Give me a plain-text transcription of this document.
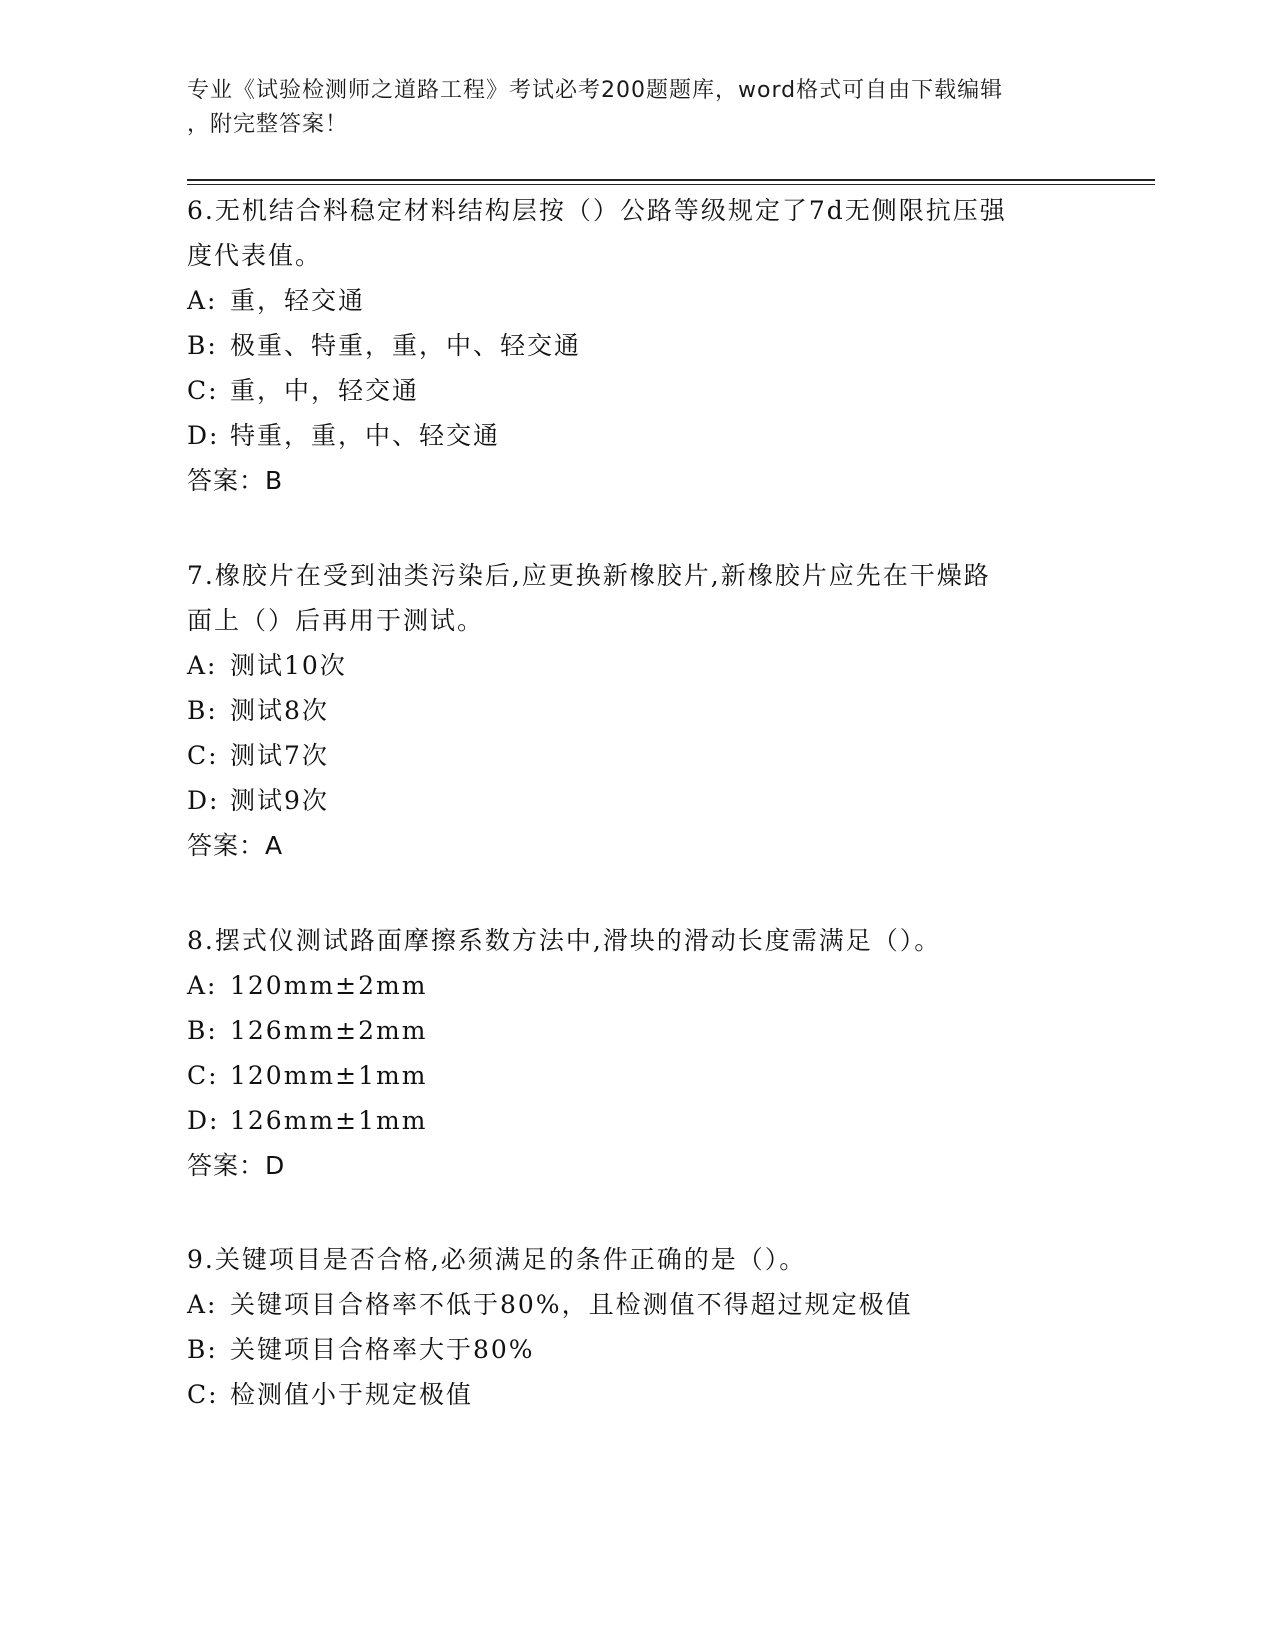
专业《试验检测师之道路工程》考试必考200题题库，word格式可自由下载编辑
，附完整答案！
6.无机结合料稳定材料结构层按（）公路等级规定了7d无侧限抗压强
度代表值。
A: 重，轻交通
B: 极重、特重，重，中、轻交通
C: 重，中，轻交通
D: 特重，重，中、轻交通
答案：B
7.橡胶片在受到油类污染后,应更换新橡胶片,新橡胶片应先在干燥路
面上（）后再用于测试。
A: 测试10次
B: 测试8次
C: 测试7次
D: 测试9次
答案：A
8.摆式仪测试路面摩擦系数方法中,滑块的滑动长度需满足（）。
A: 120mm±2mm
B: 126mm±2mm
C: 120mm±1mm
D: 126mm±1mm
答案：D
9.关键项目是否合格,必须满足的条件正确的是（）。
A: 关键项目合格率不低于80%，且检测值不得超过规定极值
B: 关键项目合格率大于80%
C: 检测值小于规定极值
